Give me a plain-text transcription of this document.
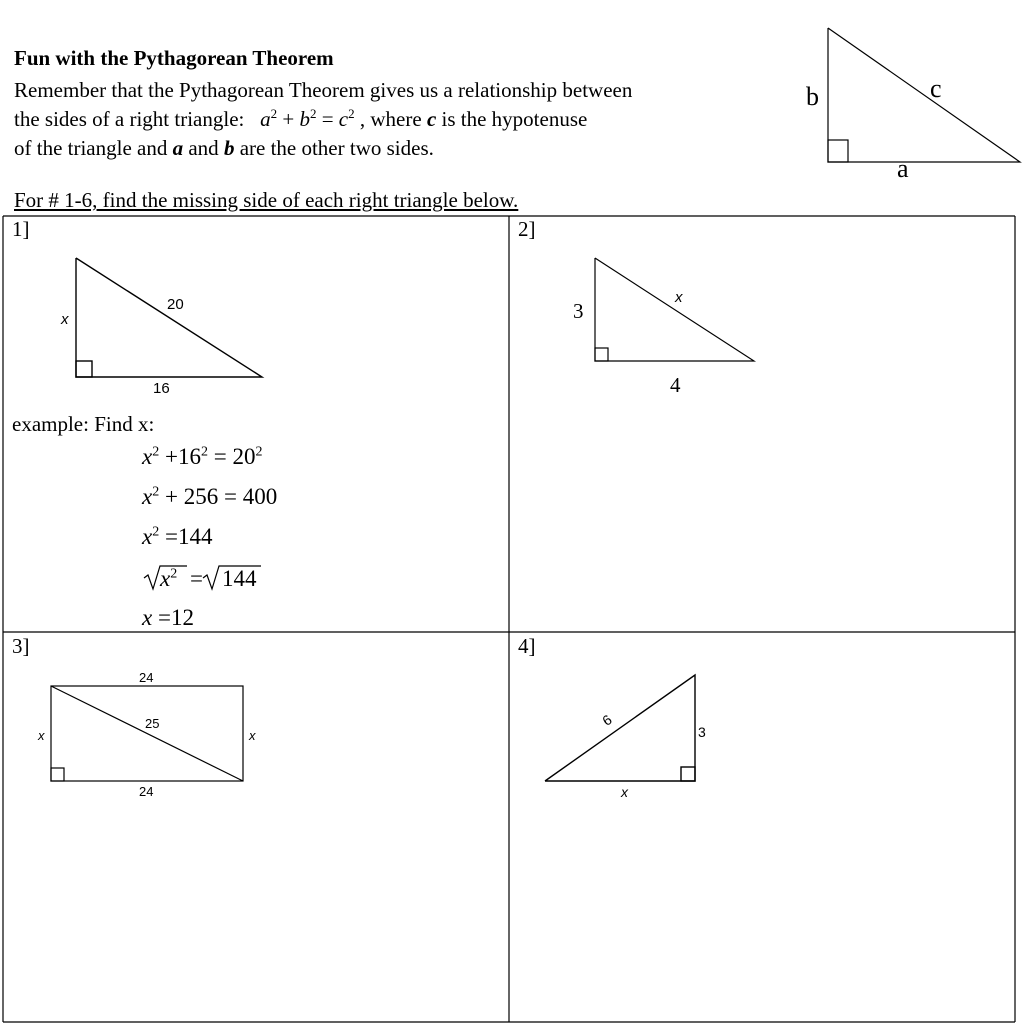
Fun with the Pythagorean Theorem
Remember that the Pythagorean Theorem gives us a relationship between
the sides of a right triangle: $a^2 + b^2 = c^2$ , where c is the hypotenuse
of the triangle and a and b are the other two sides.
For # 1-6, find the missing side of each right triangle below.
b	c
a
1]	2]
3]	4]
x
20
16
example: Find x:
$x^2 +16^2 = 20^2$
$x^2 + 256 = 400$
$x^2 =144$
$x^2 = 144$
x =12
3
x
4
24
25
x	x
24
6
3
x
